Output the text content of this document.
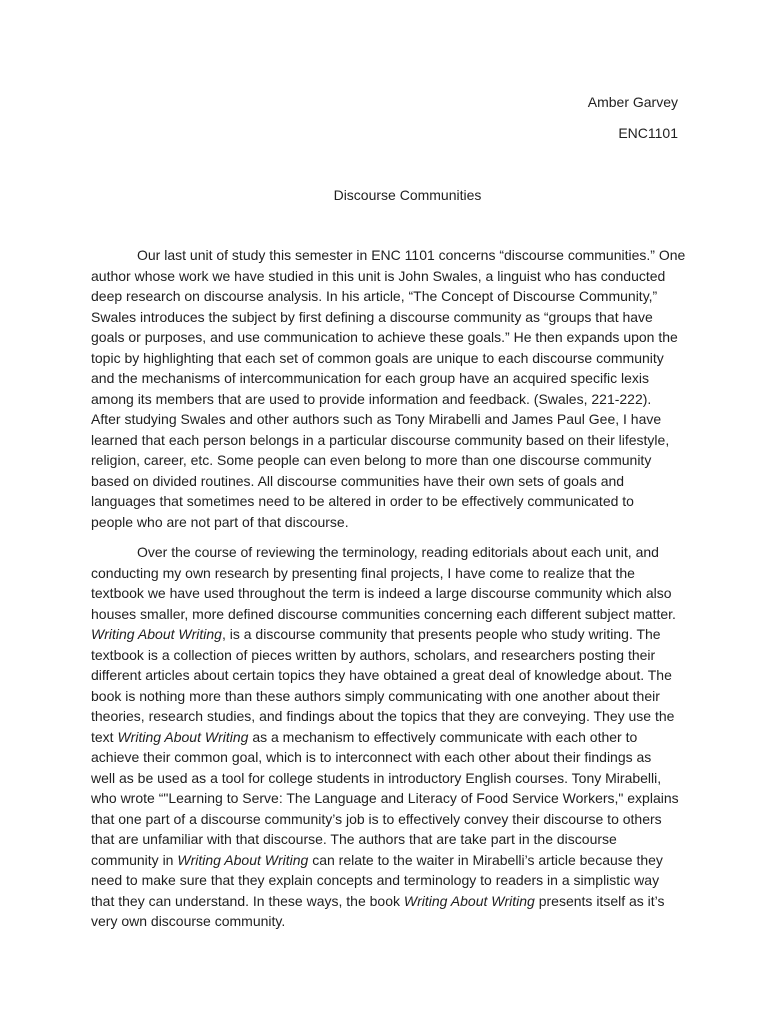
Amber Garvey
ENC1101
Discourse Communities
Our last unit of study this semester in ENC 1101 concerns “discourse communities.” One
author whose work we have studied in this unit is John Swales, a linguist who has conducted
deep research on discourse analysis. In his article, “The Concept of Discourse Community,”
Swales introduces the subject by first defining a discourse community as “groups that have
goals or purposes, and use communication to achieve these goals.” He then expands upon the
topic by highlighting that each set of common goals are unique to each discourse community
and the mechanisms of intercommunication for each group have an acquired specific lexis
among its members that are used to provide information and feedback. (Swales, 221-222).
After studying Swales and other authors such as Tony Mirabelli and James Paul Gee, I have
learned that each person belongs in a particular discourse community based on their lifestyle,
religion, career, etc. Some people can even belong to more than one discourse community
based on divided routines. All discourse communities have their own sets of goals and
languages that sometimes need to be altered in order to be effectively communicated to
people who are not part of that discourse.
Over the course of reviewing the terminology, reading editorials about each unit, and
conducting my own research by presenting final projects, I have come to realize that the
textbook we have used throughout the term is indeed a large discourse community which also
houses smaller, more defined discourse communities concerning each different subject matter.
Writing About Writing, is a discourse community that presents people who study writing. The
textbook is a collection of pieces written by authors, scholars, and researchers posting their
different articles about certain topics they have obtained a great deal of knowledge about. The
book is nothing more than these authors simply communicating with one another about their
theories, research studies, and findings about the topics that they are conveying. They use the
text Writing About Writing as a mechanism to effectively communicate with each other to
achieve their common goal, which is to interconnect with each other about their findings as
well as be used as a tool for college students in introductory English courses. Tony Mirabelli,
who wrote “"Learning to Serve: The Language and Literacy of Food Service Workers," explains
that one part of a discourse community’s job is to effectively convey their discourse to others
that are unfamiliar with that discourse. The authors that are take part in the discourse
community in Writing About Writing can relate to the waiter in Mirabelli’s article because they
need to make sure that they explain concepts and terminology to readers in a simplistic way
that they can understand. In these ways, the book Writing About Writing presents itself as it’s
very own discourse community.
